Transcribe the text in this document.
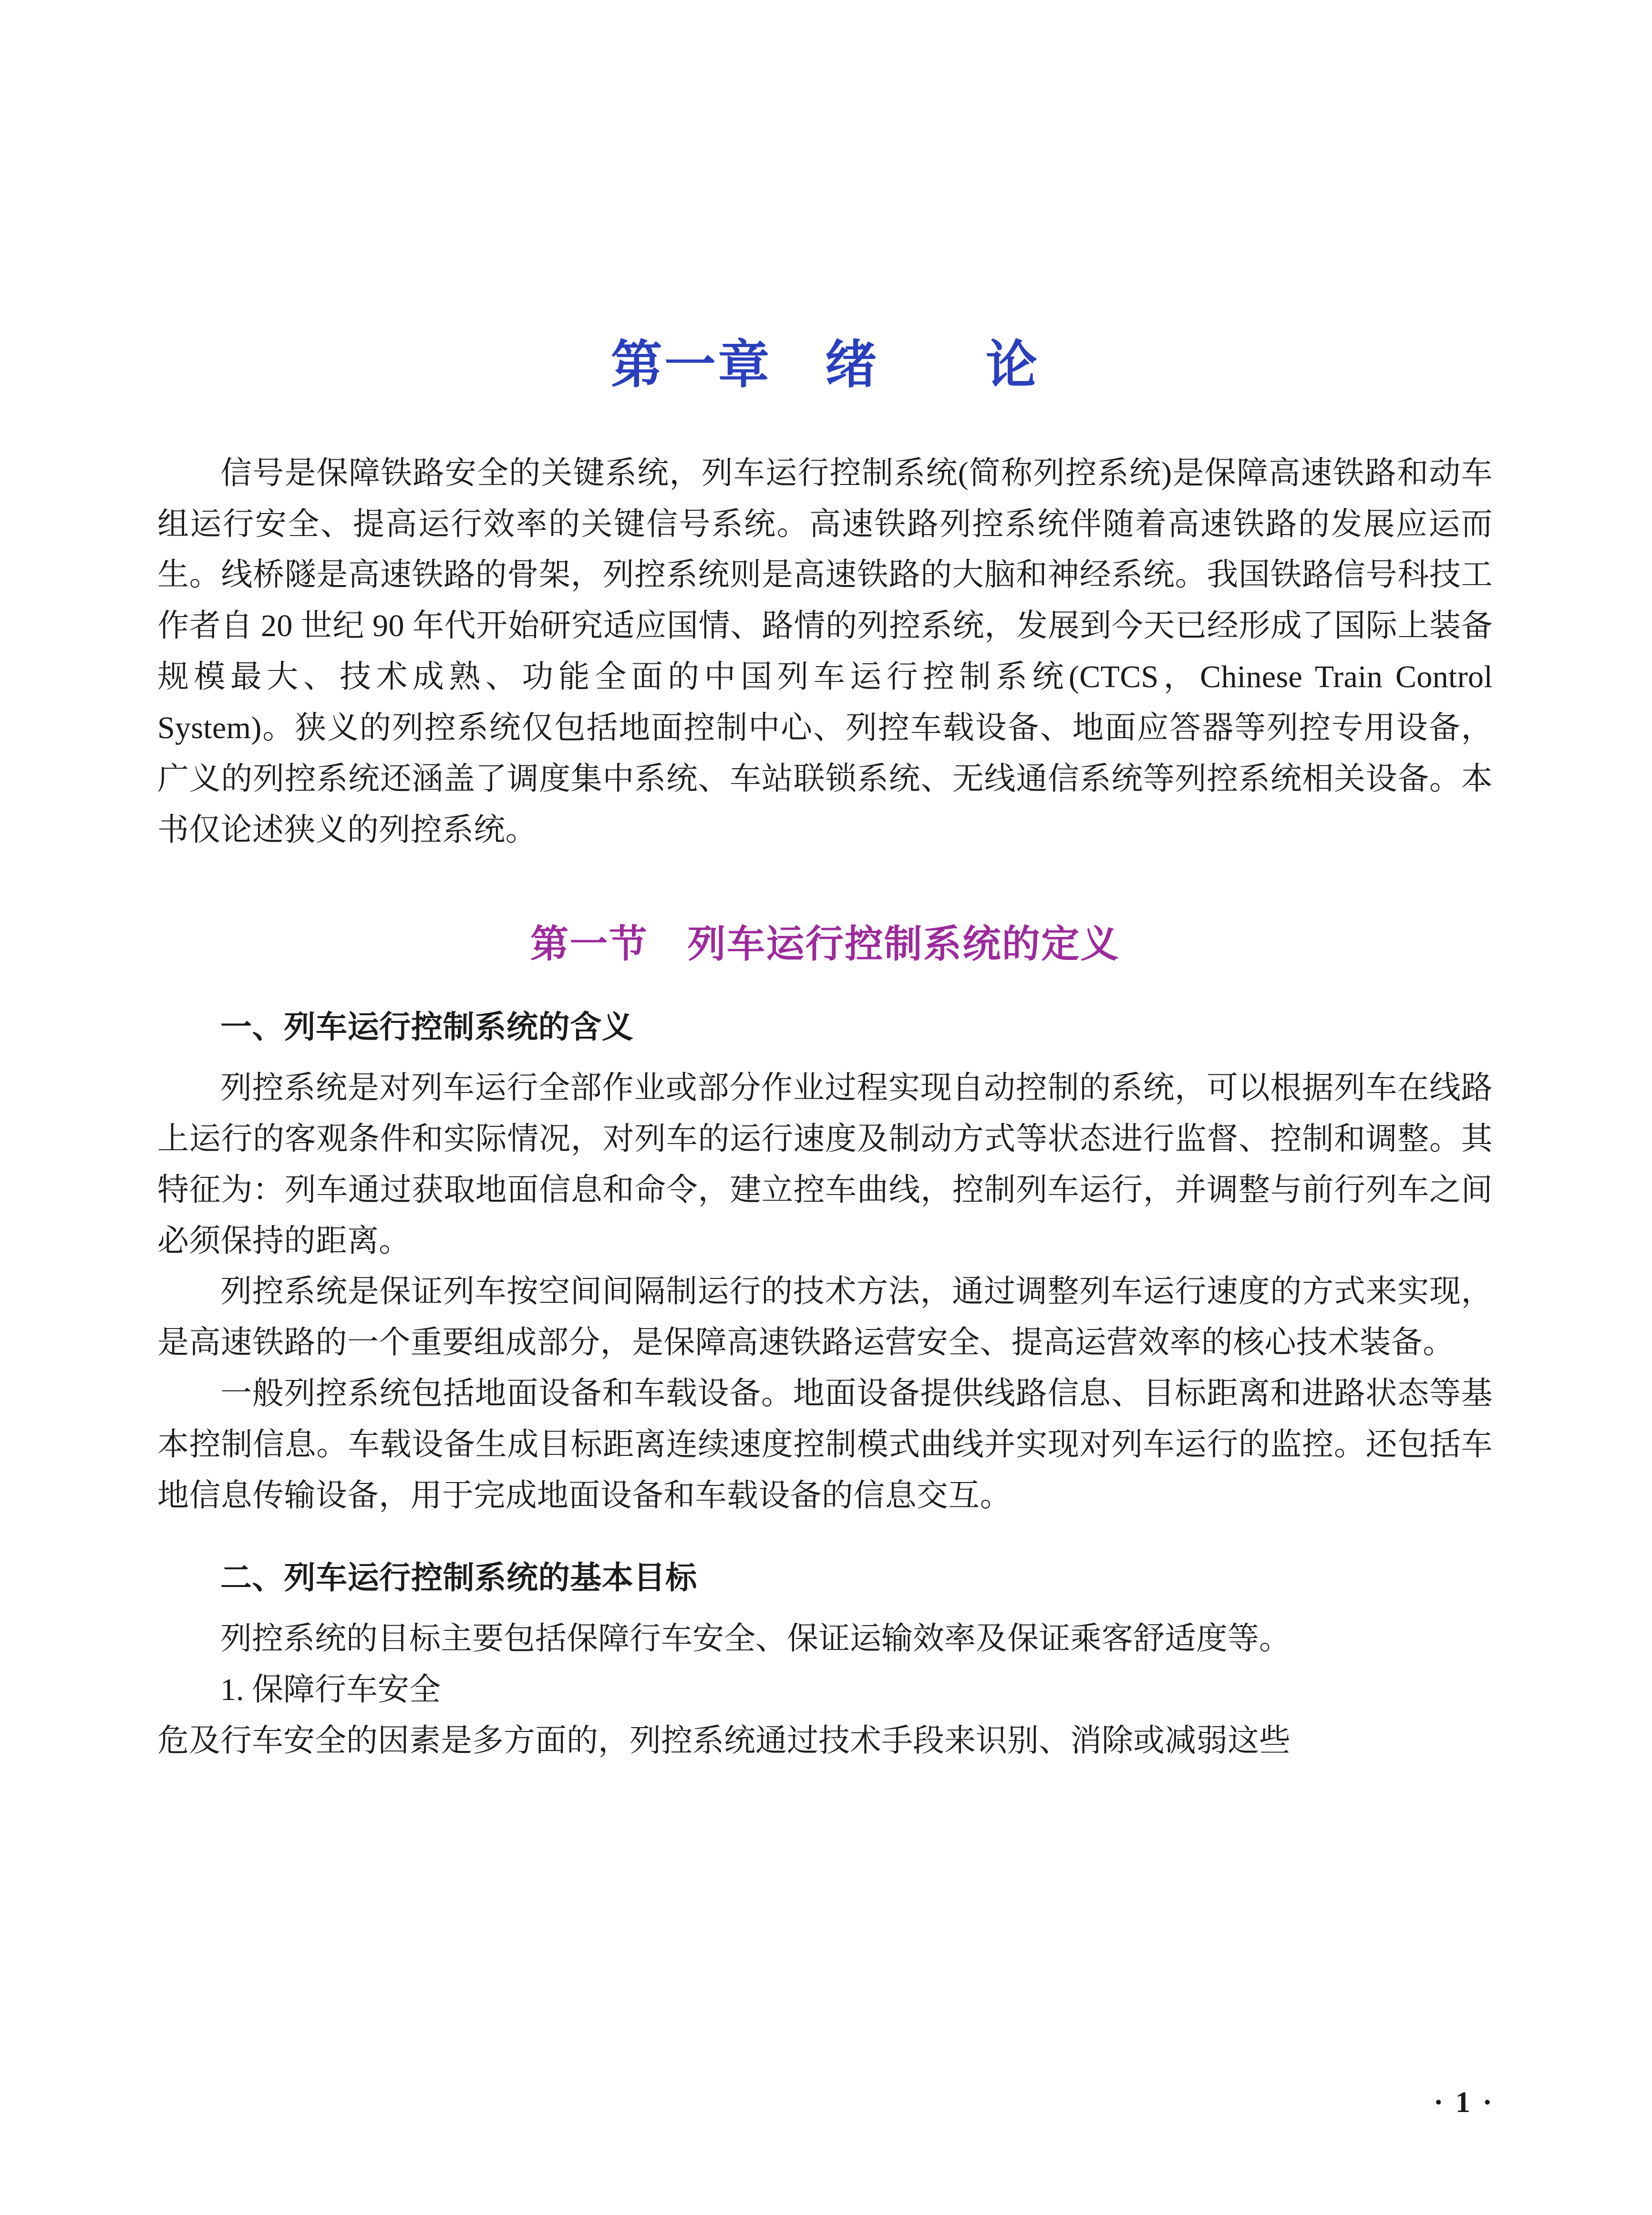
第一章　绪　　论

信号是保障铁路安全的关键系统，列车运行控制系统(简称列控系统)是保障高速铁路和动车组运行安全、提高运行效率的关键信号系统。高速铁路列控系统伴随着高速铁路的发展应运而生。线桥隧是高速铁路的骨架，列控系统则是高速铁路的大脑和神经系统。我国铁路信号科技工作者自 20 世纪 90 年代开始研究适应国情、路情的列控系统，发展到今天已经形成了国际上装备规模最大、技术成熟、功能全面的中国列车运行控制系统(CTCS，Chinese Train Control System)。狭义的列控系统仅包括地面控制中心、列控车载设备、地面应答器等列控专用设备，广义的列控系统还涵盖了调度集中系统、车站联锁系统、无线通信系统等列控系统相关设备。本书仅论述狭义的列控系统。

第一节　列车运行控制系统的定义
一、列车运行控制系统的含义

列控系统是对列车运行全部作业或部分作业过程实现自动控制的系统，可以根据列车在线路上运行的客观条件和实际情况，对列车的运行速度及制动方式等状态进行监督、控制和调整。其特征为：列车通过获取地面信息和命令，建立控车曲线，控制列车运行，并调整与前行列车之间必须保持的距离。

列控系统是保证列车按空间间隔制运行的技术方法，通过调整列车运行速度的方式来实现，是高速铁路的一个重要组成部分，是保障高速铁路运营安全、提高运营效率的核心技术装备。

一般列控系统包括地面设备和车载设备。地面设备提供线路信息、目标距离和进路状态等基本控制信息。车载设备生成目标距离连续速度控制模式曲线并实现对列车运行的监控。还包括车地信息传输设备，用于完成地面设备和车载设备的信息交互。

二、列车运行控制系统的基本目标

列控系统的目标主要包括保障行车安全、保证运输效率及保证乘客舒适度等。

1. 保障行车安全

危及行车安全的因素是多方面的，列控系统通过技术手段来识别、消除或减弱这些

· 1 ·
